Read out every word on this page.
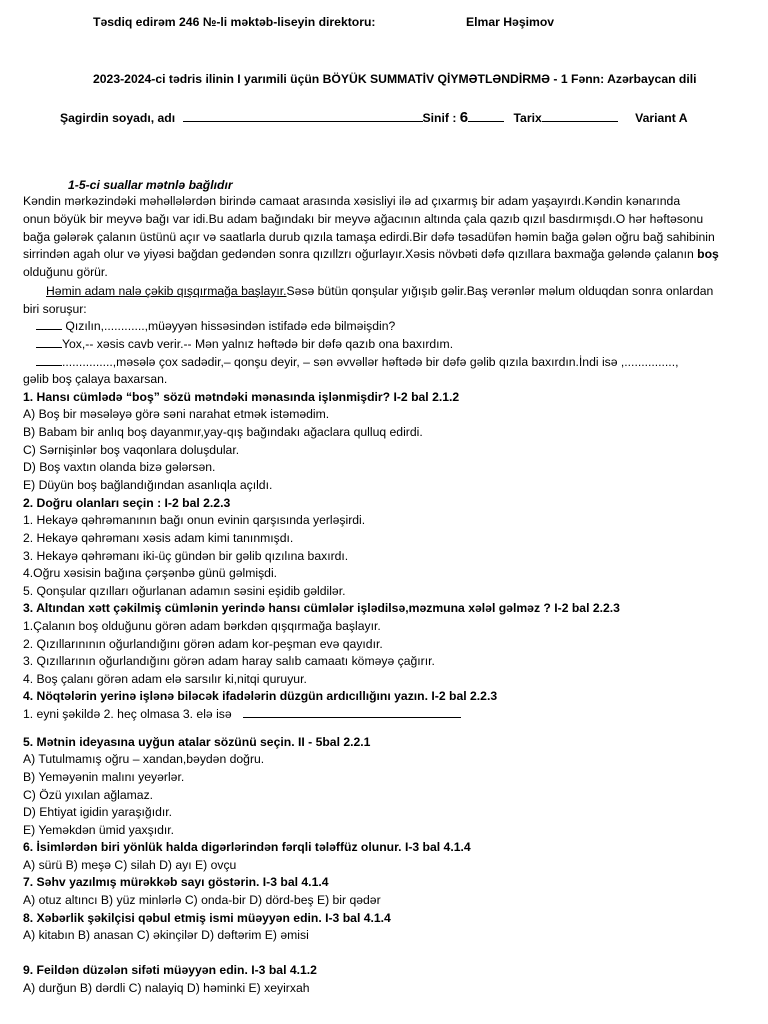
Təsdiq edirəm 246 №-li məktəb-liseyin direktoru:	Elmar Həşimov
2023-2024-ci tədris ilinin I yarımili üçün BÖYÜK SUMMATİV QİYMƏTLƏNDİRMƏ - 1 Fənn: Azərbaycan dili
Şagirdin soyadı, adı	Sinif : 6	Tarix	Variant A
1-5-ci suallar mətnlə bağlıdır
Kəndin mərkəzindəki məhəllələrdən birində camaat arasında xəsisliyi ilə ad çıxarmış bir adam yaşayırdı.Kəndin kənarında
onun böyük bir meyvə bağı var idi.Bu adam bağındakı bir meyvə ağacının altında çala qazıb qızıl basdırmışdı.O hər həftəsonu
bağa gələrək çalanın üstünü açır və saatlarla durub qızıla tamaşa edirdi.Bir dəfə təsadüfən həmin bağa gələn oğru bağ sahibinin
sirrindən agah olur və yiyəsi bağdan gedəndən sonra qızıllzrı oğurlayır.Xəsis növbəti dəfə qızıllara baxmağa gələndə çalanın boş
olduğunu görür.
Həmin adam nalə çəkib qışqırmağa başlayır.Səsə bütün qonşular yığışıb gəlir.Baş verənlər məlum olduqdan sonra onlardan
biri soruşur:
Qızılın,............,müəyyən hissəsindən istifadə edə bilməişdin?
Yox,-- xəsis cavb verir.-- Mən yalnız həftədə bir dəfə qazıb ona baxırdım.
...............,məsələ çox sadədir,– qonşu deyir, – sən əvvəllər həftədə bir dəfə gəlib qızıla baxırdın.İndi isə ,...............,
gəlib boş çalaya baxarsan.
1. Hansı cümlədə “boş” sözü mətndəki mənasında işlənmişdir? I-2 bal 2.1.2
A) Boş bir məsələyə görə səni narahat etmək istəmədim.
B) Babam bir anlıq boş dayanmır,yay-qış bağındakı ağaclara qulluq edirdi.
C) Sərnişinlər boş vaqonlara doluşdular.
D) Boş vaxtın olanda bizə gələrsən.
E) Düyün boş bağlandığından asanlıqla açıldı.
2. Doğru olanları seçin : I-2 bal 2.2.3
1. Hekayə qəhrəmanının bağı onun evinin qarşısında yerləşirdi.
2. Hekayə qəhrəmanı xəsis adam kimi tanınmışdı.
3. Hekayə qəhrəmanı iki-üç gündən bir gəlib qızılına baxırdı.
4.Oğru xəsisin bağına çərşənbə günü gəlmişdi.
5. Qonşular qızılları oğurlanan adamın səsini eşidib gəldilər.
3. Altından xətt çəkilmiş cümlənin yerində hansı cümlələr işlədilsə,məzmuna xələl gəlməz ? I-2 bal 2.2.3
1.Çalanın boş olduğunu görən adam bərkdən qışqırmağa başlayır.
2. Qızıllarınının oğurlandığını görən adam kor-peşman evə qayıdır.
3. Qızıllarının oğurlandığını görən adam haray salıb camaatı köməyə çağırır.
4. Boş çalanı görən adam elə sarsılır ki,nitqi quruyur.
4. Nöqtələrin yerinə işlənə biləcək ifadələrin düzgün ardıcıllığını yazın. I-2 bal 2.2.3
1. eyni şəkildə 2. heç olmasa 3. elə isə
5. Mətnin ideyasına uyğun atalar sözünü seçin. II - 5bal 2.2.1
A) Tutulmamış oğru – xandan,bəydən doğru.
B) Yeməyənin malını yeyərlər.
C) Özü yıxılan ağlamaz.
D) Ehtiyat igidin yaraşığıdır.
E) Yeməkdən ümid yaxşıdır.
6. İsimlərdən biri yönlük halda digərlərindən fərqli tələffüz olunur. I-3 bal 4.1.4
A) sürü B) meşə C) silah D) ayı E) ovçu
7. Səhv yazılmış mürəkkəb sayı göstərin. I-3 bal 4.1.4
A) otuz altıncı B) yüz minlərlə C) onda-bir D) dörd-beş E) bir qədər
8. Xəbərlik şəkilçisi qəbul etmiş ismi müəyyən edin. I-3 bal 4.1.4
A) kitabın B) anasan C) əkinçilər D) dəftərim E) əmisi
9. Feildən düzələn sifəti müəyyən edin. I-3 bal 4.1.2
A) durğun B) dərdli C) nalayiq D) həminki E) xeyirxah
